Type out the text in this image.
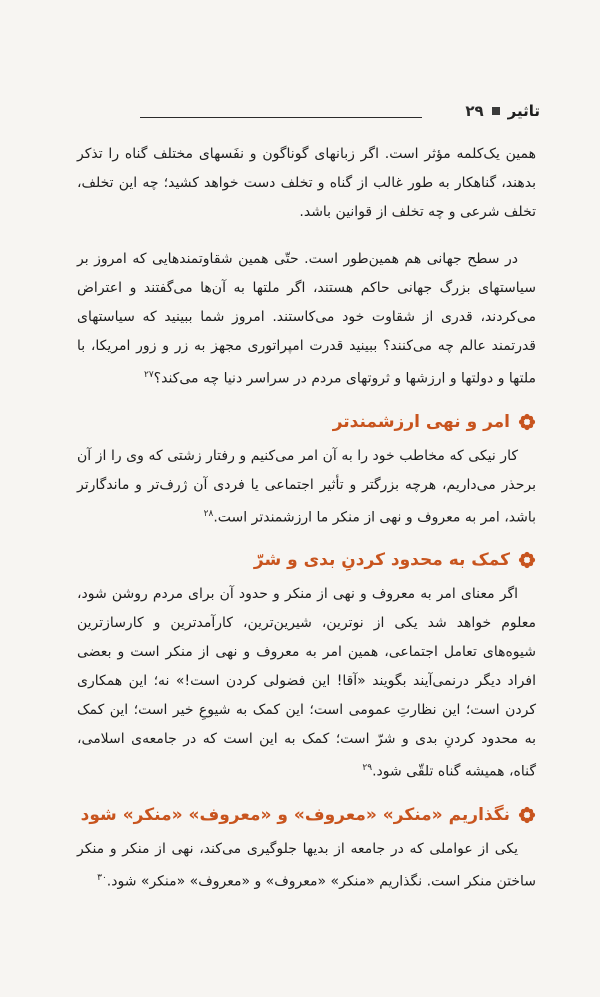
تاثیر
۲۹

همین یک‌کلمه مؤثر است. اگر زبانهای گوناگون و نفَسهای مختلف گناه را تذکر بدهند، گناهکار به طور غالب از گناه و تخلف دست خواهد کشید؛ چه این تخلف، تخلف شرعی و چه تخلف از قوانین باشد.

در سطح جهانی هم همین‌طور است. حتّی همین شقاوتمندهایی که امروز بر سیاستهای بزرگ جهانی حاکم هستند، اگر ملتها به آن‌ها می‌گفتند و اعتراض می‌کردند، قدری از شقاوت خود می‌کاستند. امروز شما ببینید که سیاستهای قدرتمند عالم چه می‌کنند؟ ببینید قدرت امپراتوری مجهز به زر و زور امریکا، با ملتها و دولتها و ارزشها و ثروتهای مردم در سراسر دنیا چه می‌کند؟$^{۲۷}$

امر و نهی ارزشمندتر

کار نیکی که مخاطب خود را به آن امر می‌کنیم و رفتار زشتی که وی را از آن برحذر می‌داریم، هرچه بزرگتر و تأثیر اجتماعی یا فردی آن ژرف‌تر و ماندگارتر باشد، امر به معروف و نهی از منکر ما ارزشمندتر است.$^{۲۸}$

کمک به محدود کردنِ بدی و شرّ

اگر معنای امر به معروف و نهی از منکر و حدود آن برای مردم روشن شود، معلوم خواهد شد یکی از نوترین، شیرین‌ترین، کارآمدترین و کارسازترین شیوه‌های تعامل اجتماعی، همین امر به معروف و نهی از منکر است و بعضی افراد دیگر درنمی‌آیند بگویند «آقا! این فضولی کردن است!» نه؛ این همکاری کردن است؛ این نظارتِ عمومی است؛ این کمک به شیوعِ خیر است؛ این کمک به محدود کردنِ بدی و شرّ است؛ کمک به این است که در جامعه‌ی اسلامی، گناه، همیشه گناه تلقّی شود.$^{۲۹}$

نگذاریم «منکر» «معروف» و «معروف» «منکر» شود

یکی از عواملی که در جامعه از بدیها جلوگیری می‌کند، نهی از منکر و منکر ساختن منکر است. نگذاریم «منکر» «معروف» و «معروف» «منکر» شود.$^{۳۰}$
